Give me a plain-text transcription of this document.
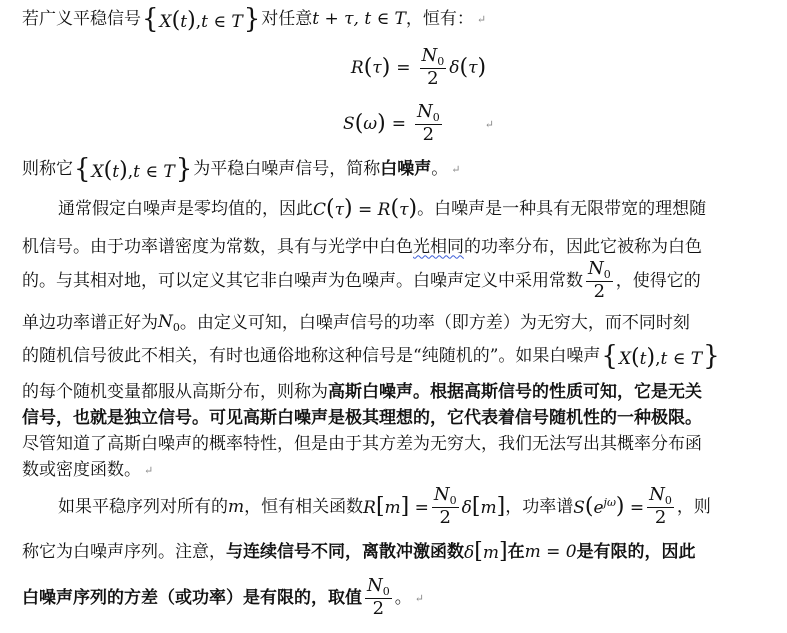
若广义平稳信号 {X(t),t ∈ T} 对任意 t + τ, t ∈ T ，恒有： ↵
R ( τ ) = $\frac{N_0}{2}$ δ ( τ )
S ( ω ) = $\frac{N_0}{2}$	↵
则称它 {X(t),t ∈ T} 为平稳白噪声信号，简称 白噪声 。 ↵
通常假定白噪声是零均值的，因此 C(τ) = R(τ) 。白噪声是一种具有无限带宽的理想随
机信号。由于功率谱密度为常数，具有与光学中白色 光相同 的功率分布，因此它被称为白色
的。与其相对地，可以定义其它非白噪声为色噪声。白噪声定义中采用常数 $\frac{N_0}{2}$ ，使得它的
单边功率谱正好为 $N_0$ 。由定义可知，白噪声信号的功率（即方差）为无穷大，而不同时刻
的随机信号彼此不相关，有时也通俗地称这种信号是“纯随机的”。如果白噪声 {X(t),t ∈ T}
的每个随机变量都服从高斯分布，则称为 高斯白噪声。根据高斯信号的性质可知，它是无关
信号，也就是独立信号。可见高斯白噪声是极其理想的，它代表着信号随机性的一种极限。
尽管知道了高斯白噪声的概率特性，但是由于其方差为无穷大，我们无法写出其概率分布函
数或密度函数。 ↵
如果平稳序列对所有的 m ，恒有相关函数 $R[m] = \frac{N_0}{2} \delta[m]$ ，功率谱 $S(e^{j\omega}) = \frac{N_0}{2}$ ，则
称它为白噪声序列。注意， 与连续信号不同，离散冲激函数 δ[m] 在 m = 0 是有限的，因此
白噪声序列的方差（或功率）是有限的，取值 $\frac{N_0}{2}$ 。 ↵
